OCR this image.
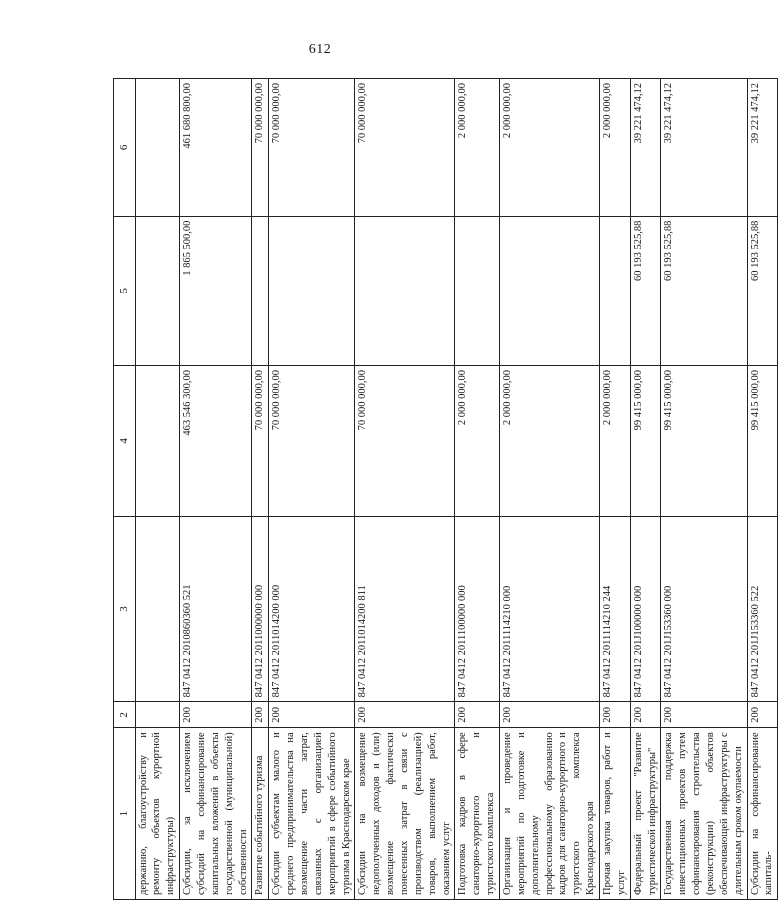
612
1	2	3	4	5	6
держанию, благоустройству и ремонту объектов курортной инфраструктуры)					
Субсидии, за исключением субсидий на софинансирование капитальных вложений в объекты государственной (муниципальной) собственности	200	847 0412 2010860360 521	463 546 300,00	1 865 500,00	461 680 800,00
Развитие событийного туризма	200	847 0412 2011000000 000	70 000 000,00		70 000 000,00
Субсидии субъектам малого и среднего предпринимательства на возмещение части затрат, связанных с организацией мероприятий в сфере событийного туризма в Краснодарском крае	200	847 0412 2011014200 000	70 000 000,00		70 000 000,00
Субсидии на возмещение недополученных доходов и (или) возмещение фактически понесенных затрат в связи с производством (реализацией) товаров, выполнением работ, оказанием услуг	200	847 0412 2011014200 811	70 000 000,00		70 000 000,00
Подготовка кадров в сфере санаторно-курортного и туристского комплекса	200	847 0412 2011100000 000	2 000 000,00		2 000 000,00
Организация и проведение мероприятий по подготовке и дополнительному профессиональному образованию кадров для санаторно-курортного и туристского комплекса Краснодарского края	200	847 0412 2011114210 000	2 000 000,00		2 000 000,00
Прочая закупка товаров, работ и услуг	200	847 0412 2011114210 244	2 000 000,00		2 000 000,00
Федеральный проект "Развитие туристической инфраструктуры"	200	847 0412 201J100000 000	99 415 000,00	60 193 525,88	39 221 474,12
Государственная поддержка инвестиционных проектов путем софинансирования строительства (реконструкции) объектов обеспечивающей инфраструктуры с длительным сроком окупаемости	200	847 0412 201J153360 000	99 415 000,00	60 193 525,88	39 221 474,12
Субсидии на софинансирование капиталь-	200	847 0412 201J153360 522	99 415 000,00	60 193 525,88	39 221 474,12
